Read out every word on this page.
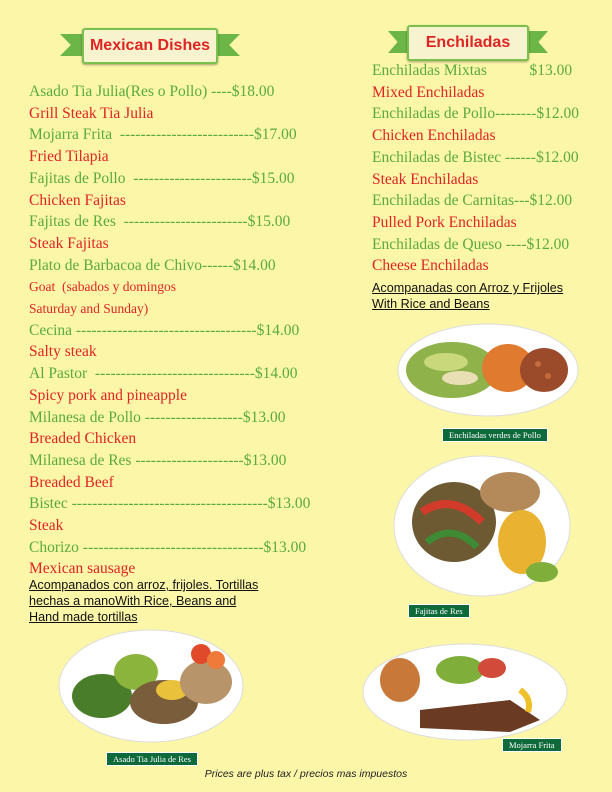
Mexican Dishes	Enchiladas
Asado Tia Julia(Res o Pollo) ----$18.00
Grill Steak Tia Julia
Mojarra Frita  --------------------------$17.00
Fried Tilapia
Fajitas de Pollo  -----------------------$15.00
Chicken Fajitas
Fajitas de Res  ------------------------$15.00
Steak Fajitas
Plato de Barbacoa de Chivo------$14.00
Goat  (sabados y domingos
Saturday and Sunday)
Cecina -----------------------------------$14.00
Salty steak
Al Pastor  -------------------------------$14.00
Spicy pork and pineapple
Milanesa de Pollo -------------------$13.00
Breaded Chicken
Milanesa de Res ---------------------$13.00
Breaded Beef
Bistec --------------------------------------$13.00
Steak
Chorizo -----------------------------------$13.00
Mexican sausage
Acompanados con arroz, frijoles. Tortillas
hechas a manoWith Rice, Beans and
Hand made tortillas
Enchiladas Mixtas           $13.00
Mixed Enchiladas
Enchiladas de Pollo--------$12.00
Chicken Enchiladas
Enchiladas de Bistec ------$12.00
Steak Enchiladas
Enchiladas de Carnitas---$12.00
Pulled Pork Enchiladas
Enchiladas de Queso ----$12.00
Cheese Enchiladas
Acompanadas con Arroz y Frijoles
With Rice and Beans
Enchiladas verdes de Pollo
Fajitas de Res
Asado Tia Julia de Res
Mojarra Frita
Prices are plus tax / precios mas impuestos
